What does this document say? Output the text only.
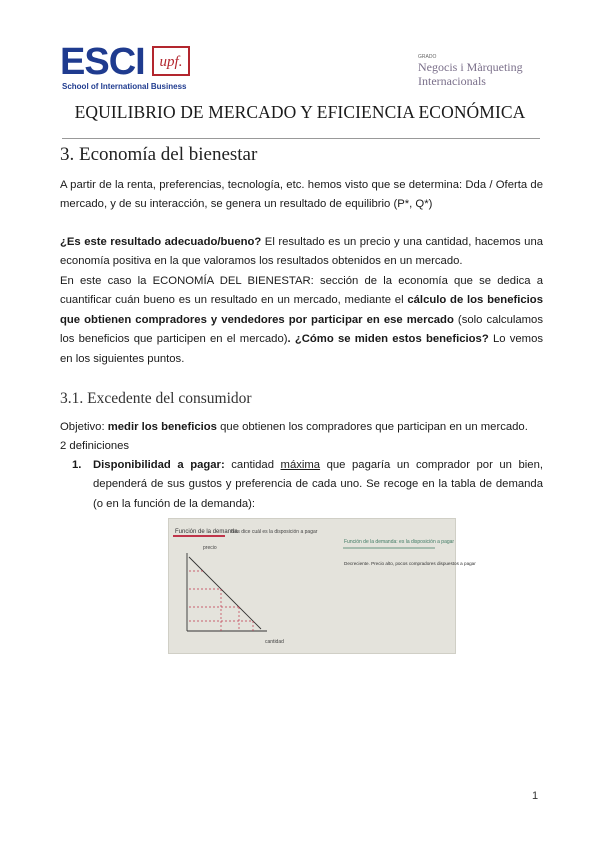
ESCI upf.
School of International Business
GRADO
Negocis i Màrqueting
Internacionals
EQUILIBRIO DE MERCADO Y EFICIENCIA ECONÓMICA
3. Economía del bienestar
A partir de la renta, preferencias, tecnología, etc. hemos visto que se determina: Dda / Oferta de mercado, y de su interacción, se genera un resultado de equilibrio (P*, Q*)
¿Es este resultado adecuado/bueno? El resultado es un precio y una cantidad, hacemos una economía positiva en la que valoramos los resultados obtenidos en un mercado.
En este caso la ECONOMÍA DEL BIENESTAR: sección de la economía que se dedica a cuantificar cuán bueno es un resultado en un mercado, mediante el cálculo de los beneficios que obtienen compradores y vendedores por participar en ese mercado (solo calculamos los beneficios que participen en el mercado). ¿Cómo se miden estos beneficios? Lo vemos en los siguientes puntos.
3.1. Excedente del consumidor
Objetivo: medir los beneficios que obtienen los compradores que participan en un mercado.
2 definiciones
1. Disponibilidad a pagar: cantidad máxima que pagaría un comprador por un bien, dependerá de sus gustos y preferencia de cada uno. Se recoge en la tabla de demanda (o en la función de la demanda):
Función de la demanda
Nos dice cuál es la disposición a pagar
precio
cantidad
Función de la demanda: es la disposición a pagar
Decreciente. Precio alto, pocos compradores dispuestos a pagar
1
